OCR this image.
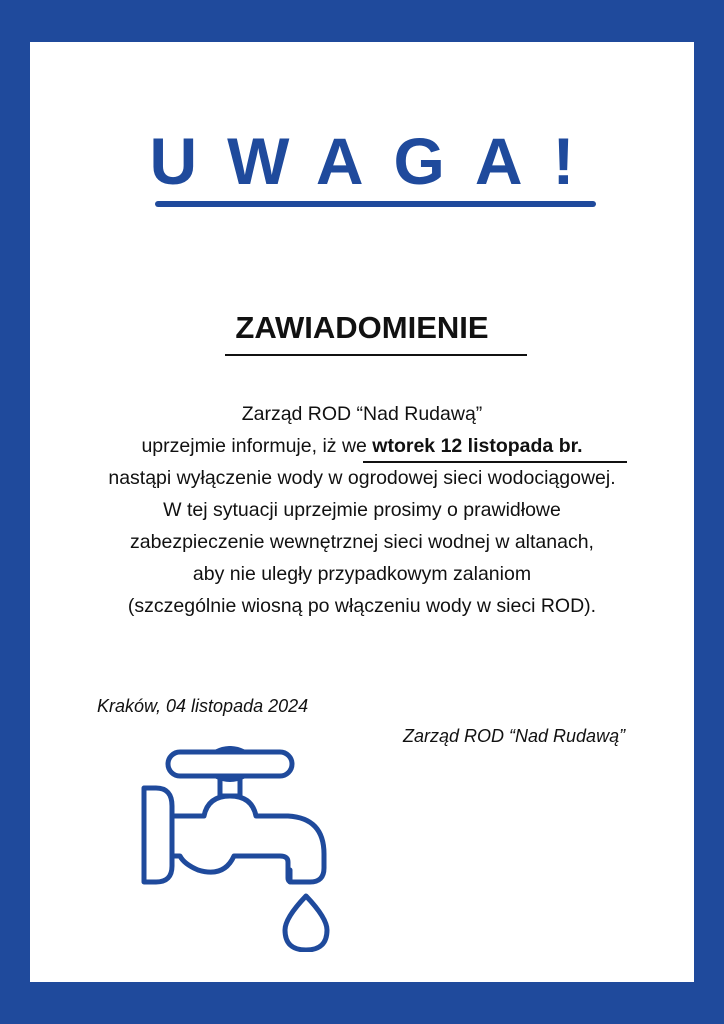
UWAGA!
ZAWIADOMIENIE
Zarząd ROD “Nad Rudawą”
uprzejmie informuje, iż we wtorek 12 listopada br.
nastąpi wyłączenie wody w ogrodowej sieci wodociągowej.
W tej sytuacji uprzejmie prosimy o prawidłowe
zabezpieczenie wewnętrznej sieci wodnej w altanach,
aby nie uległy przypadkowym zalaniom
(szczególnie wiosną po włączeniu wody w sieci ROD).
Kraków, 04 listopada 2024
Zarząd ROD “Nad Rudawą”
